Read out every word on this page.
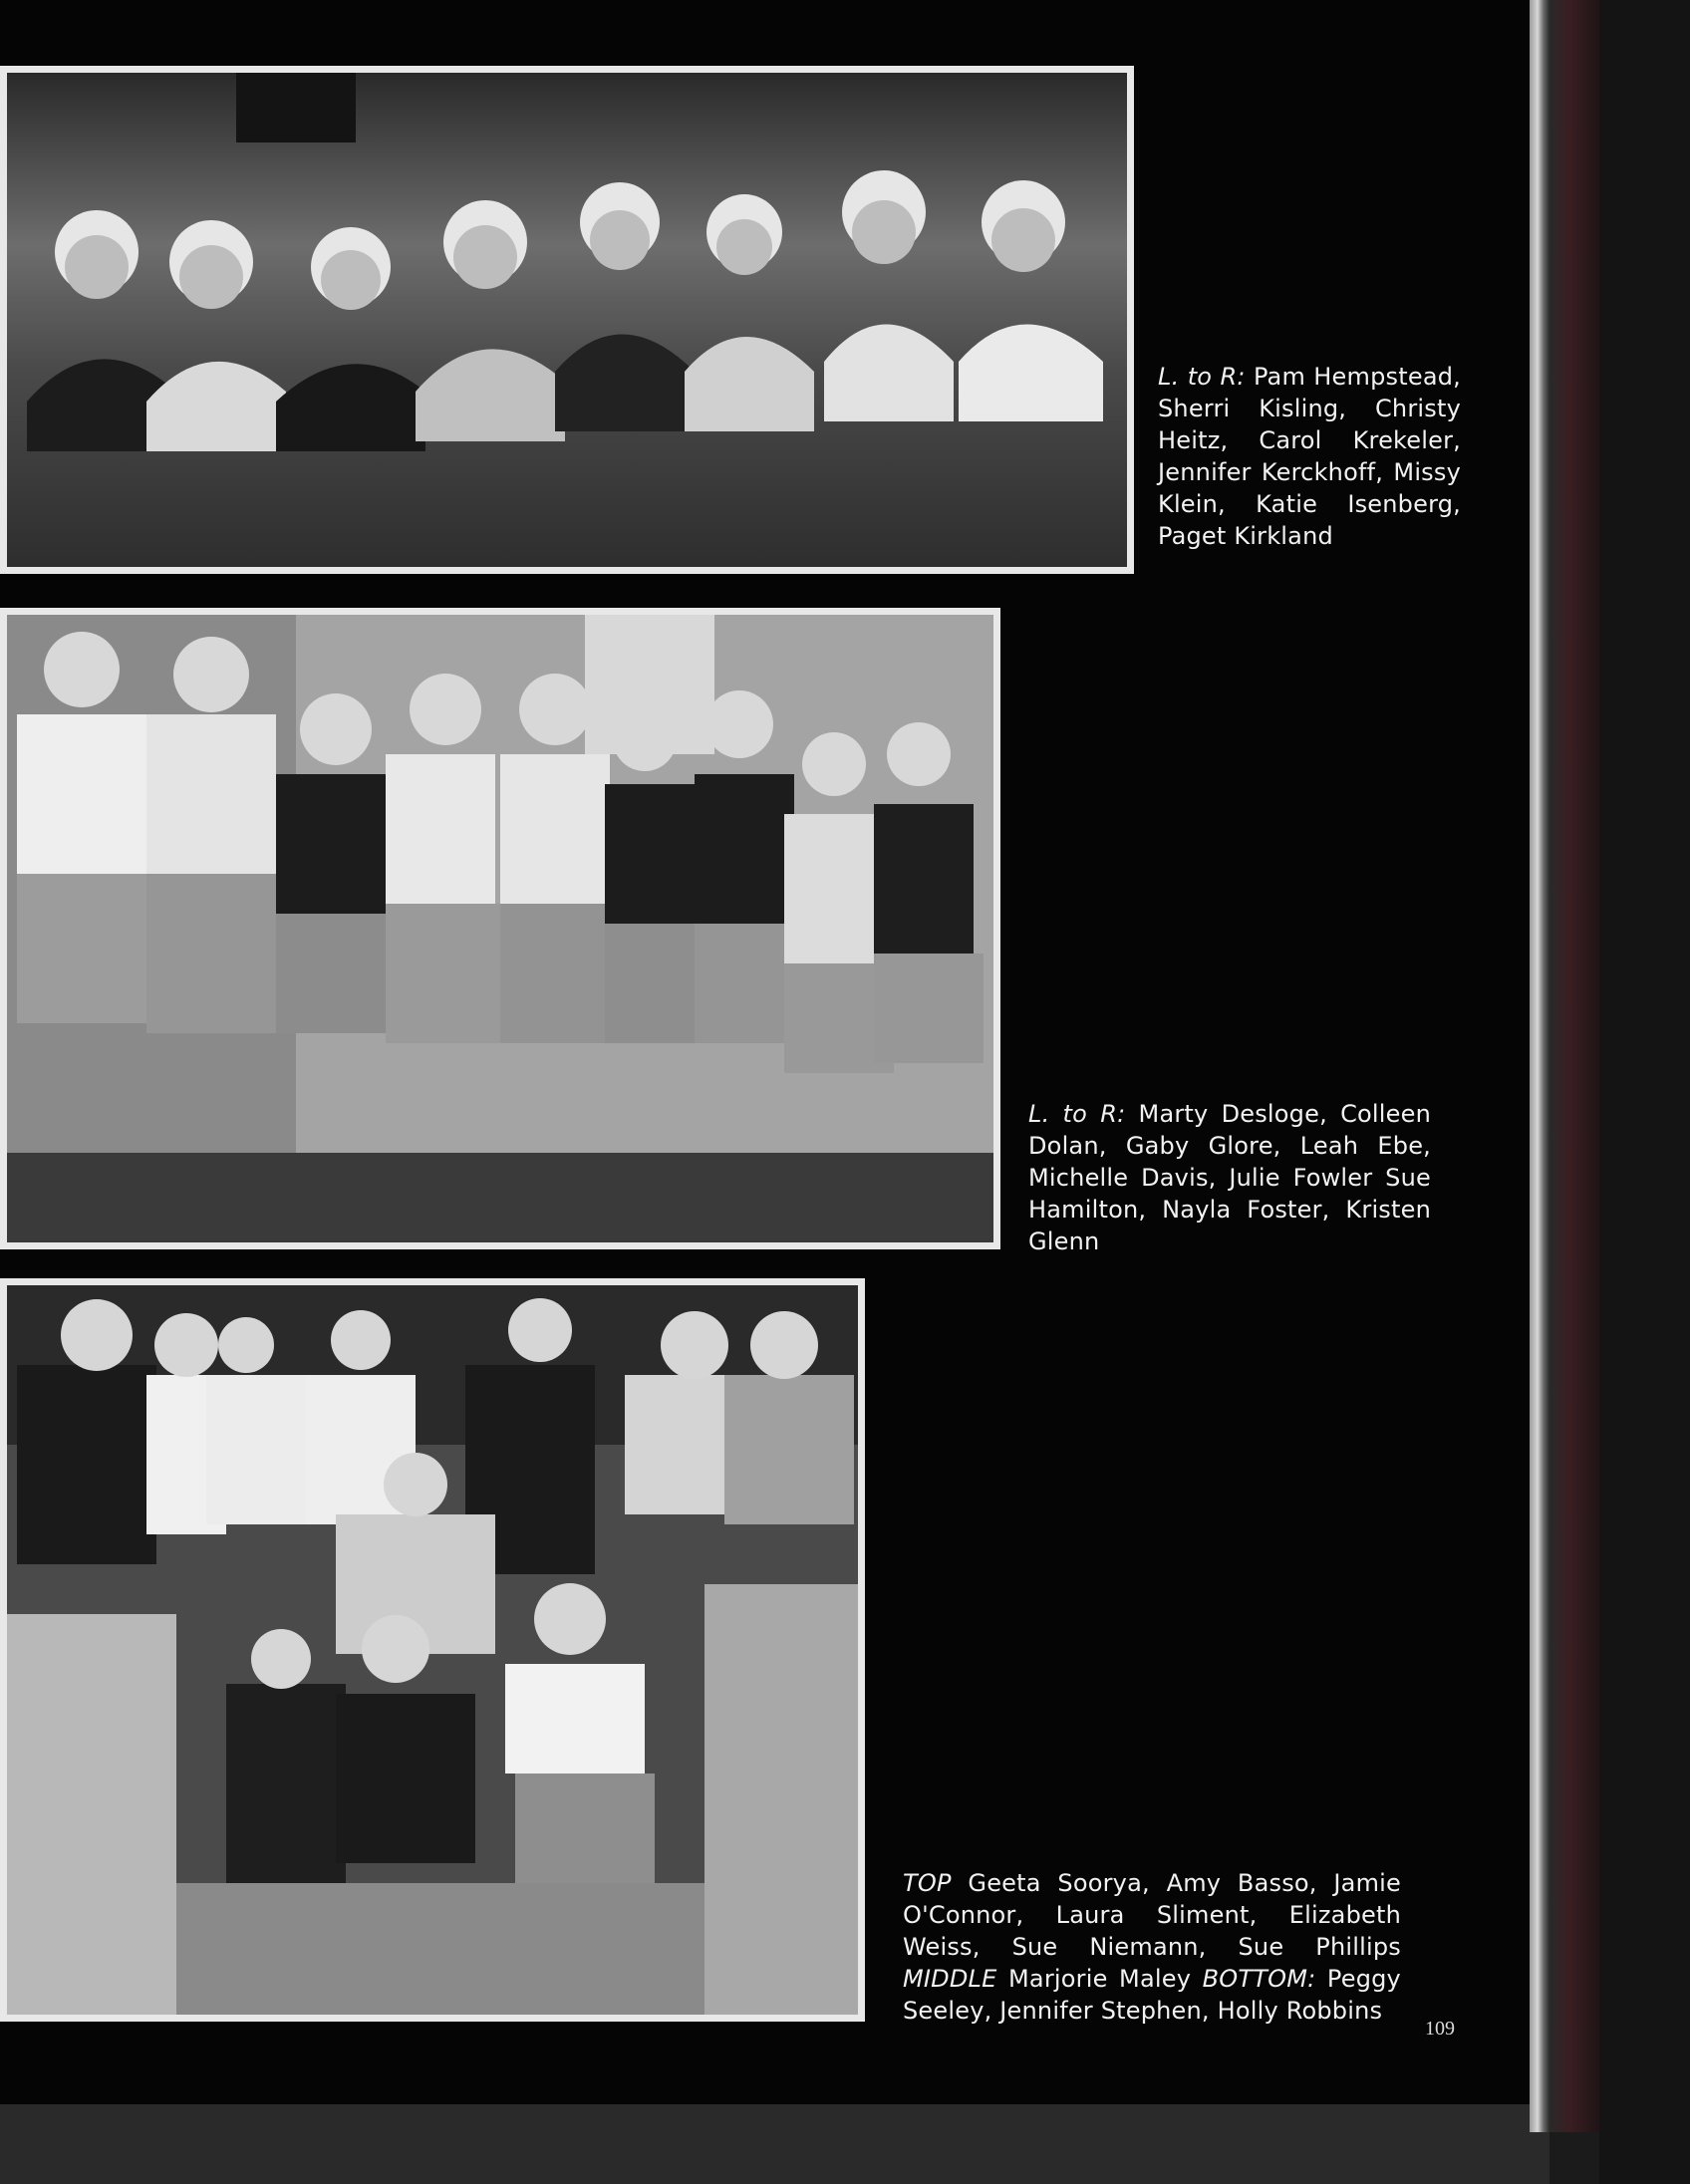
L. to R: Pam Hempstead, Sherri Kisling, Christy Heitz, Carol Krekeler, Jennifer Kerckhoff, Missy Klein, Katie Isenberg, Paget Kirkland
L. to R: Marty Desloge, Colleen Dolan, Gaby Glore, Leah Ebe, Michelle Davis, Julie Fowler Sue Hamilton, Nayla Foster, Kristen Glenn
TOP Geeta Soorya, Amy Basso, Jamie O'Connor, Laura Sliment, Elizabeth Weiss, Sue Niemann, Sue Phillips MIDDLE Marjorie Maley BOTTOM: Peggy Seeley, Jennifer Stephen, Holly Robbins
109
